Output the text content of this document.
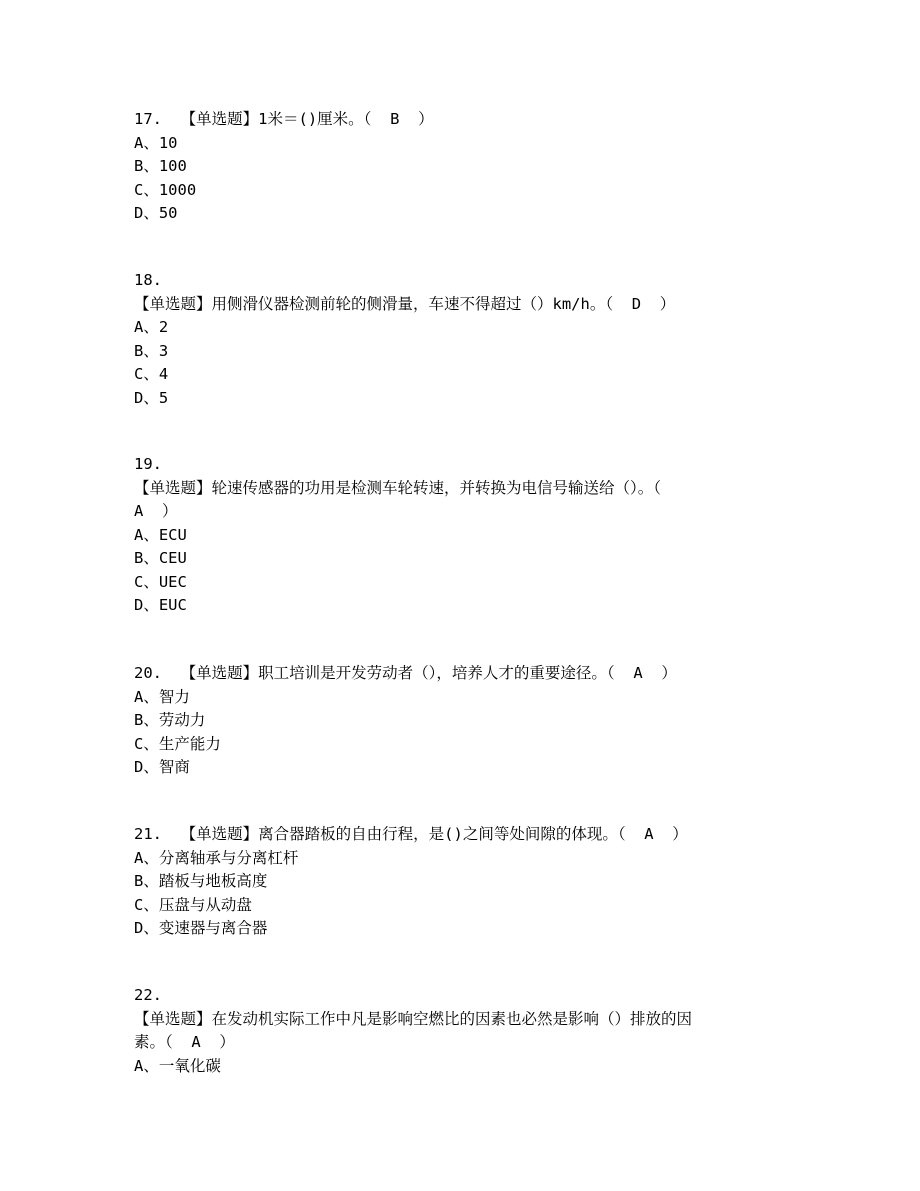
17.  【单选题】1米＝()厘米。（  B  ）
A、10
B、100
C、1000
D、50
18.
【单选题】用侧滑仪器检测前轮的侧滑量，车速不得超过（）km/h。（  D  ）
A、2
B、3
C、4
D、5
19.
【单选题】轮速传感器的功用是检测车轮转速，并转换为电信号输送给（）。（
A  ）
A、ECU
B、CEU
C、UEC
D、EUC
20.  【单选题】职工培训是开发劳动者（），培养人才的重要途径。（  A  ）
A、智力
B、劳动力
C、生产能力
D、智商
21.  【单选题】离合器踏板的自由行程，是()之间等处间隙的体现。（  A  ）
A、分离轴承与分离杠杆
B、踏板与地板高度
C、压盘与从动盘
D、变速器与离合器
22.
【单选题】在发动机实际工作中凡是影响空燃比的因素也必然是影响（）排放的因
素。（  A  ）
A、一氧化碳
